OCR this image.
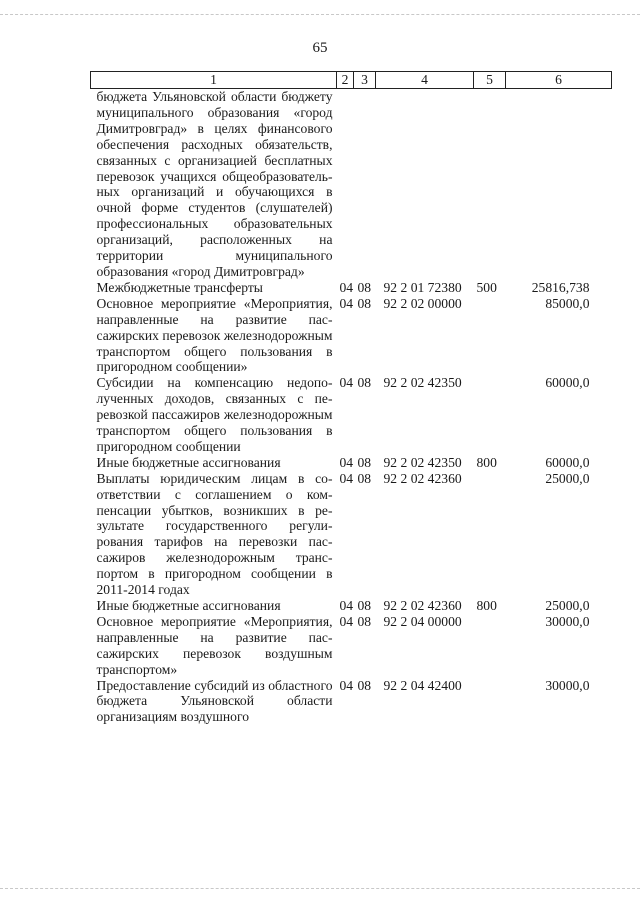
65
1	2	3	4	5	6
бюджета Ульяновской области бюджету муниципального образования «город Димитровград» в целях финансового обеспечения расходных обязательств, связанных с организацией бесплатных перевозок учащихся общеобразовательных организаций и обучающихся в очной форме студентов (слушателей) профессиональных образовательных организаций, расположенных на территории муниципального образования «город Димитровград»					
Межбюджетные трансферты	04	08	92 2 01 72380	500	25816,738
Основное мероприятие «Мероприятия, направленные на развитие пассажирских перевозок железнодорожным транспортом общего пользования в пригородном сообщении»	04	08	92 2 02 00000		85000,0
Субсидии на компенсацию недополученных доходов, связанных с перевозкой пассажиров железнодорожным транспортом общего пользования в пригородном сообщении	04	08	92 2 02 42350		60000,0
Иные бюджетные ассигнования	04	08	92 2 02 42350	800	60000,0
Выплаты юридическим лицам в соответствии с соглашением о компенсации убытков, возникших в результате государственного регулирования тарифов на перевозки пассажиров железнодорожным транспортом в пригородном сообщении в 2011-2014 годах	04	08	92 2 02 42360		25000,0
Иные бюджетные ассигнования	04	08	92 2 02 42360	800	25000,0
Основное мероприятие «Мероприятия, направленные на развитие пассажирских перевозок воздушным транспортом»	04	08	92 2 04 00000		30000,0
Предоставление субсидий из областного бюджета Ульяновской области организациям воздушного	04	08	92 2 04 42400		30000,0
